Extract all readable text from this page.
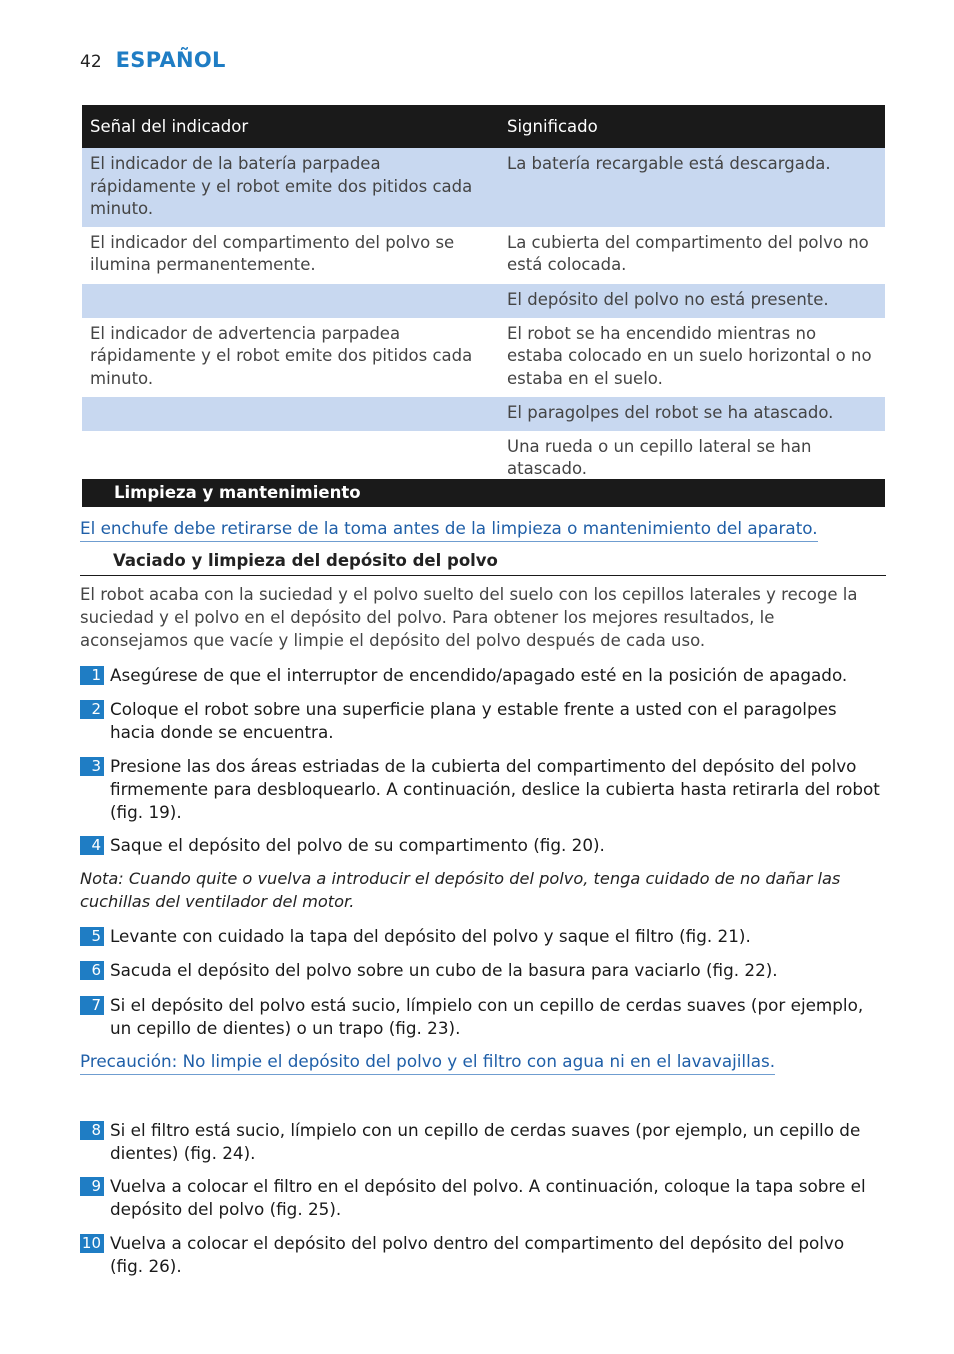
42 ESPAÑOL
Señal del indicador	Significado
El indicador de la batería parpadea rápidamente y el robot emite dos pitidos cada minuto.	La batería recargable está descargada.
El indicador del compartimento del polvo se ilumina permanentemente.	La cubierta del compartimento del polvo no está colocada.
	El depósito del polvo no está presente.
El indicador de advertencia parpadea rápidamente y el robot emite dos pitidos cada minuto.	El robot se ha encendido mientras no estaba colocado en un suelo horizontal o no estaba en el suelo.
	El paragolpes del robot se ha atascado.
	Una rueda o un cepillo lateral se han atascado.
Limpieza y mantenimiento
El enchufe debe retirarse de la toma antes de la limpieza o mantenimiento del aparato.
Vaciado y limpieza del depósito del polvo
El robot acaba con la suciedad y el polvo suelto del suelo con los cepillos laterales y recoge la suciedad y el polvo en el depósito del polvo. Para obtener los mejores resultados, le aconsejamos que vacíe y limpie el depósito del polvo después de cada uso.
1 Asegúrese de que el interruptor de encendido/apagado esté en la posición de apagado.
2 Coloque el robot sobre una superficie plana y estable frente a usted con el paragolpes hacia donde se encuentra.
3 Presione las dos áreas estriadas de la cubierta del compartimento del depósito del polvo firmemente para desbloquearlo. A continuación, deslice la cubierta hasta retirarla del robot (fig. 19).
4 Saque el depósito del polvo de su compartimento (fig. 20).
Nota: Cuando quite o vuelva a introducir el depósito del polvo, tenga cuidado de no dañar las cuchillas del ventilador del motor.
5 Levante con cuidado la tapa del depósito del polvo y saque el filtro (fig. 21).
6 Sacuda el depósito del polvo sobre un cubo de la basura para vaciarlo (fig. 22).
7 Si el depósito del polvo está sucio, límpielo con un cepillo de cerdas suaves (por ejemplo, un cepillo de dientes) o un trapo (fig. 23).
Precaución: No limpie el depósito del polvo y el filtro con agua ni en el lavavajillas.
8 Si el filtro está sucio, límpielo con un cepillo de cerdas suaves (por ejemplo, un cepillo de dientes) (fig. 24).
9 Vuelva a colocar el filtro en el depósito del polvo. A continuación, coloque la tapa sobre el depósito del polvo (fig. 25).
10 Vuelva a colocar el depósito del polvo dentro del compartimento del depósito del polvo (fig. 26).
